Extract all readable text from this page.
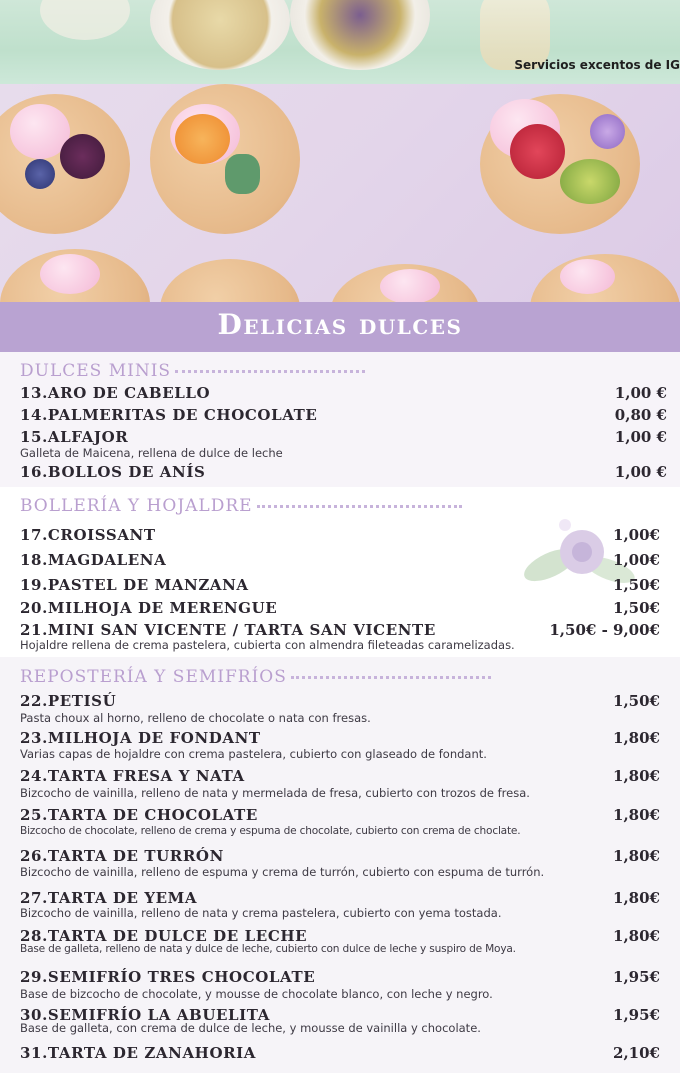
Servicios excentos de IG
Delicias dulces
DULCES MINIS
13.ARO DE CABELLO	1,00 €
14.PALMERITAS DE CHOCOLATE	0,80 €
15.ALFAJOR	1,00 €
Galleta de Maicena, rellena de dulce de leche
16.BOLLOS DE ANÍS	1,00 €
BOLLERÍA Y HOJALDRE
17.CROISSANT	1,00€
18.MAGDALENA	1,00€
19.PASTEL DE MANZANA	1,50€
20.MILHOJA DE MERENGUE	1,50€
21.MINI SAN VICENTE / TARTA SAN VICENTE	1,50€ - 9,00€
Hojaldre rellena de crema pastelera, cubierta con almendra fileteadas caramelizadas.
REPOSTERÍA Y SEMIFRÍOS
22.PETISÚ	1,50€
Pasta choux al horno, relleno de chocolate o nata con fresas.
23.MILHOJA DE FONDANT	1,80€
Varias capas de hojaldre con crema pastelera, cubierto con glaseado de fondant.
24.TARTA FRESA Y NATA	1,80€
Bizcocho de vainilla, relleno de nata y mermelada de fresa, cubierto con trozos de fresa.
25.TARTA DE CHOCOLATE	1,80€
Bizcocho de chocolate, relleno de crema y espuma de chocolate, cubierto con crema de choclate.
26.TARTA DE TURRÓN	1,80€
Bizcocho de vainilla, relleno de espuma y crema de turrón, cubierto con espuma de turrón.
27.TARTA DE YEMA	1,80€
Bizcocho de vainilla, relleno de nata y crema pastelera, cubierto con yema tostada.
28.TARTA DE DULCE DE LECHE	1,80€
Base de galleta, relleno de nata y dulce de leche, cubierto con dulce de leche y suspiro de Moya.
29.SEMIFRÍO TRES CHOCOLATE	1,95€
Base de bizcocho de chocolate, y mousse de chocolate blanco, con leche y negro.
30.SEMIFRÍO LA ABUELITA	1,95€
Base de galleta, con crema de dulce de leche, y mousse de vainilla y chocolate.
31.TARTA DE ZANAHORIA	2,10€
